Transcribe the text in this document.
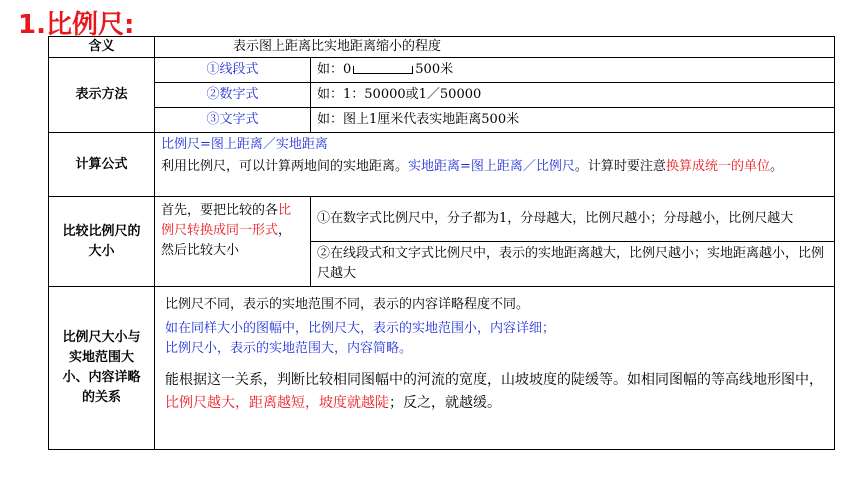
1.比例尺:
含义	表示图上距离比实地距离缩小的程度	
表示方法	①线段式	如：0 500米
	②数字式	如：1：50000或1／50000
	③文字式	如：图上1厘米代表实地距离500米
计算公式	比例尺=图上距离／实地距离
利用比例尺，可以计算两地间的实地距离。实地距离=图上距离／比例尺。计算时要注意换算成统一的单位。	

比较比例尺的大小	首先，要把比较的各比例尺转换成同一形式，然后比较大小	①在数字式比例尺中，分子都为1，分母越大，比例尺越小；分母越小，比例尺越大
		②在线段式和文字式比例尺中，表示的实地距离越大，比例尺越小；实地距离越小，比例尺越大
比例尺大小与实地范围大小、内容详略的关系	比例尺不同，表示的实地范围不同，表示的内容详略程度不同。
如在同样大小的图幅中，比例尺大，表示的实地范围小，内容详细；
比例尺小，表示的实地范围大，内容简略。
能根据这一关系，判断比较相同图幅中的河流的宽度，山坡坡度的陡缓等。如相同图幅的等高线地形图中，比例尺越大，距离越短，坡度就越陡；反之，就越缓。	
